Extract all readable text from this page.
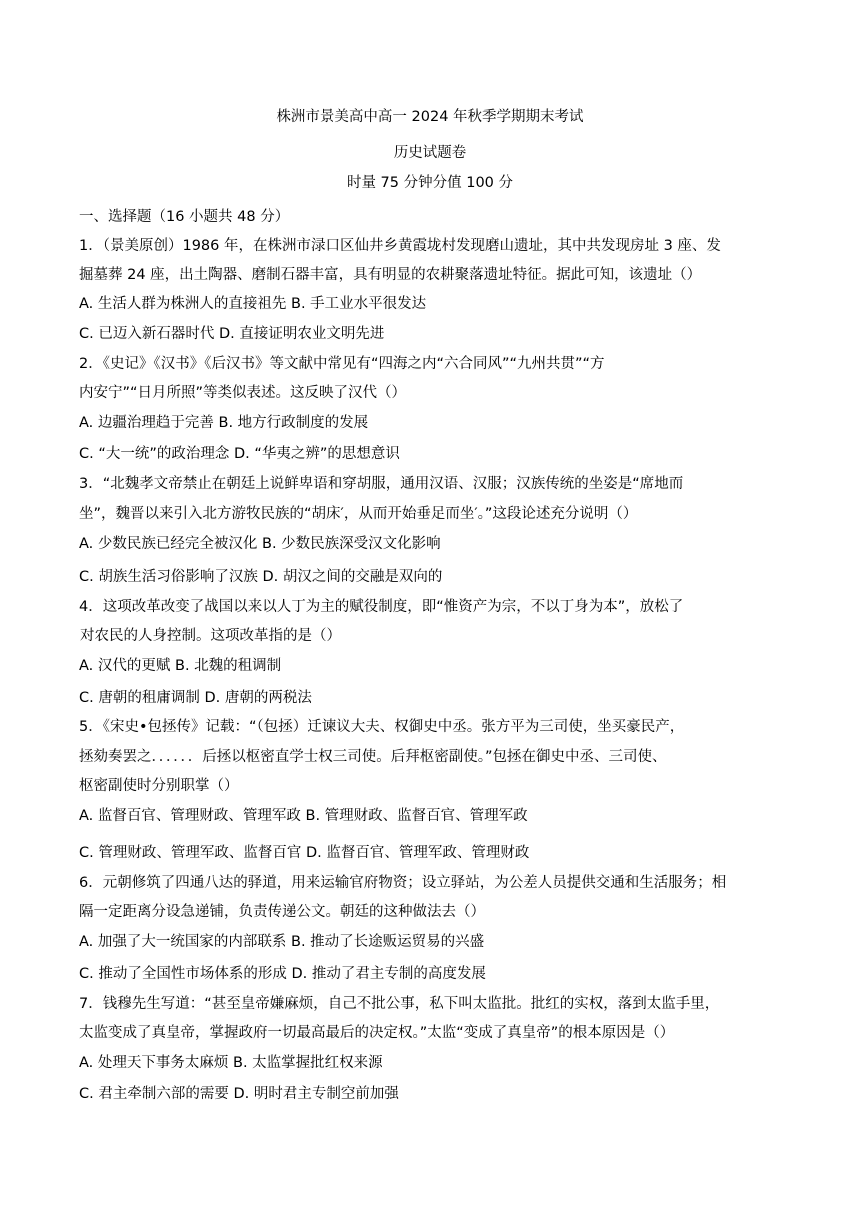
株洲市景美高中高一 2024 年秋季学期期末考试
历史试题卷
时量 75 分钟分值 100 分
一、选择题（16 小题共 48 分）
1．（景美原创）1986 年，在株洲市渌口区仙井乡黄霞垅村发现磨山遗址，其中共发现房址 3 座、发
掘墓葬 24 座，出土陶器、磨制石器丰富，具有明显的农耕聚落遗址特征。据此可知，该遗址（）
A. 生活人群为株洲人的直接祖先 B. 手工业水平很发达
C. 已迈入新石器时代 D. 直接证明农业文明先进
2．《史记》《汉书》《后汉书》等文献中常见有“四海之内“六合同风”“九州共贯”“方
内安宁”“日月所照”等类似表述。这反映了汉代（）
A. 边疆治理趋于完善 B. 地方行政制度的发展
C. “大一统”的政治理念 D. “华夷之辨”的思想意识
3．“北魏孝文帝禁止在朝廷上说鲜卑语和穿胡服，通用汉语、汉服；汉族传统的坐姿是“席地而
坐”，魏晋以来引入北方游牧民族的“胡床′，从而开始垂足而坐′。”这段论述充分说明（）
A. 少数民族已经完全被汉化 B. 少数民族深受汉文化影响
C. 胡族生活习俗影响了汉族 D. 胡汉之间的交融是双向的
4．这项改革改变了战国以来以人丁为主的赋役制度，即“惟资产为宗，不以丁身为本”，放松了
对农民的人身控制。这项改革指的是（）
A. 汉代的更赋 B. 北魏的租调制
C. 唐朝的租庸调制 D. 唐朝的两税法
5．《宋史•包拯传》记载：“（包拯）迁谏议大夫、权御史中丞。张方平为三司使，坐买豪民产，
拯劾奏罢之．．．．．．后拯以枢密直学士权三司使。后拜枢密副使。”包拯在御史中丞、三司使、
枢密副使时分别职掌（）
A. 监督百官、管理财政、管理军政 B. 管理财政、监督百官、管理军政
C. 管理财政、管理军政、监督百官 D. 监督百官、管理军政、管理财政
6．元朝修筑了四通八达的驿道，用来运输官府物资；设立驿站，为公差人员提供交通和生活服务；相
隔一定距离分设急递铺，负责传递公文。朝廷的这种做法去（）
A. 加强了大一统国家的内部联系 B. 推动了长途贩运贸易的兴盛
C. 推动了全国性市场体系的形成 D. 推动了君主专制的高度发展
7．钱穆先生写道：“甚至皇帝嫌麻烦，自己不批公事，私下叫太监批。批红的实权，落到太监手里，
太监变成了真皇帝，掌握政府一切最高最后的决定权。”太监“变成了真皇帝”的根本原因是（）
A. 处理天下事务太麻烦 B. 太监掌握批红权来源
C. 君主牵制六部的需要 D. 明时君主专制空前加强
